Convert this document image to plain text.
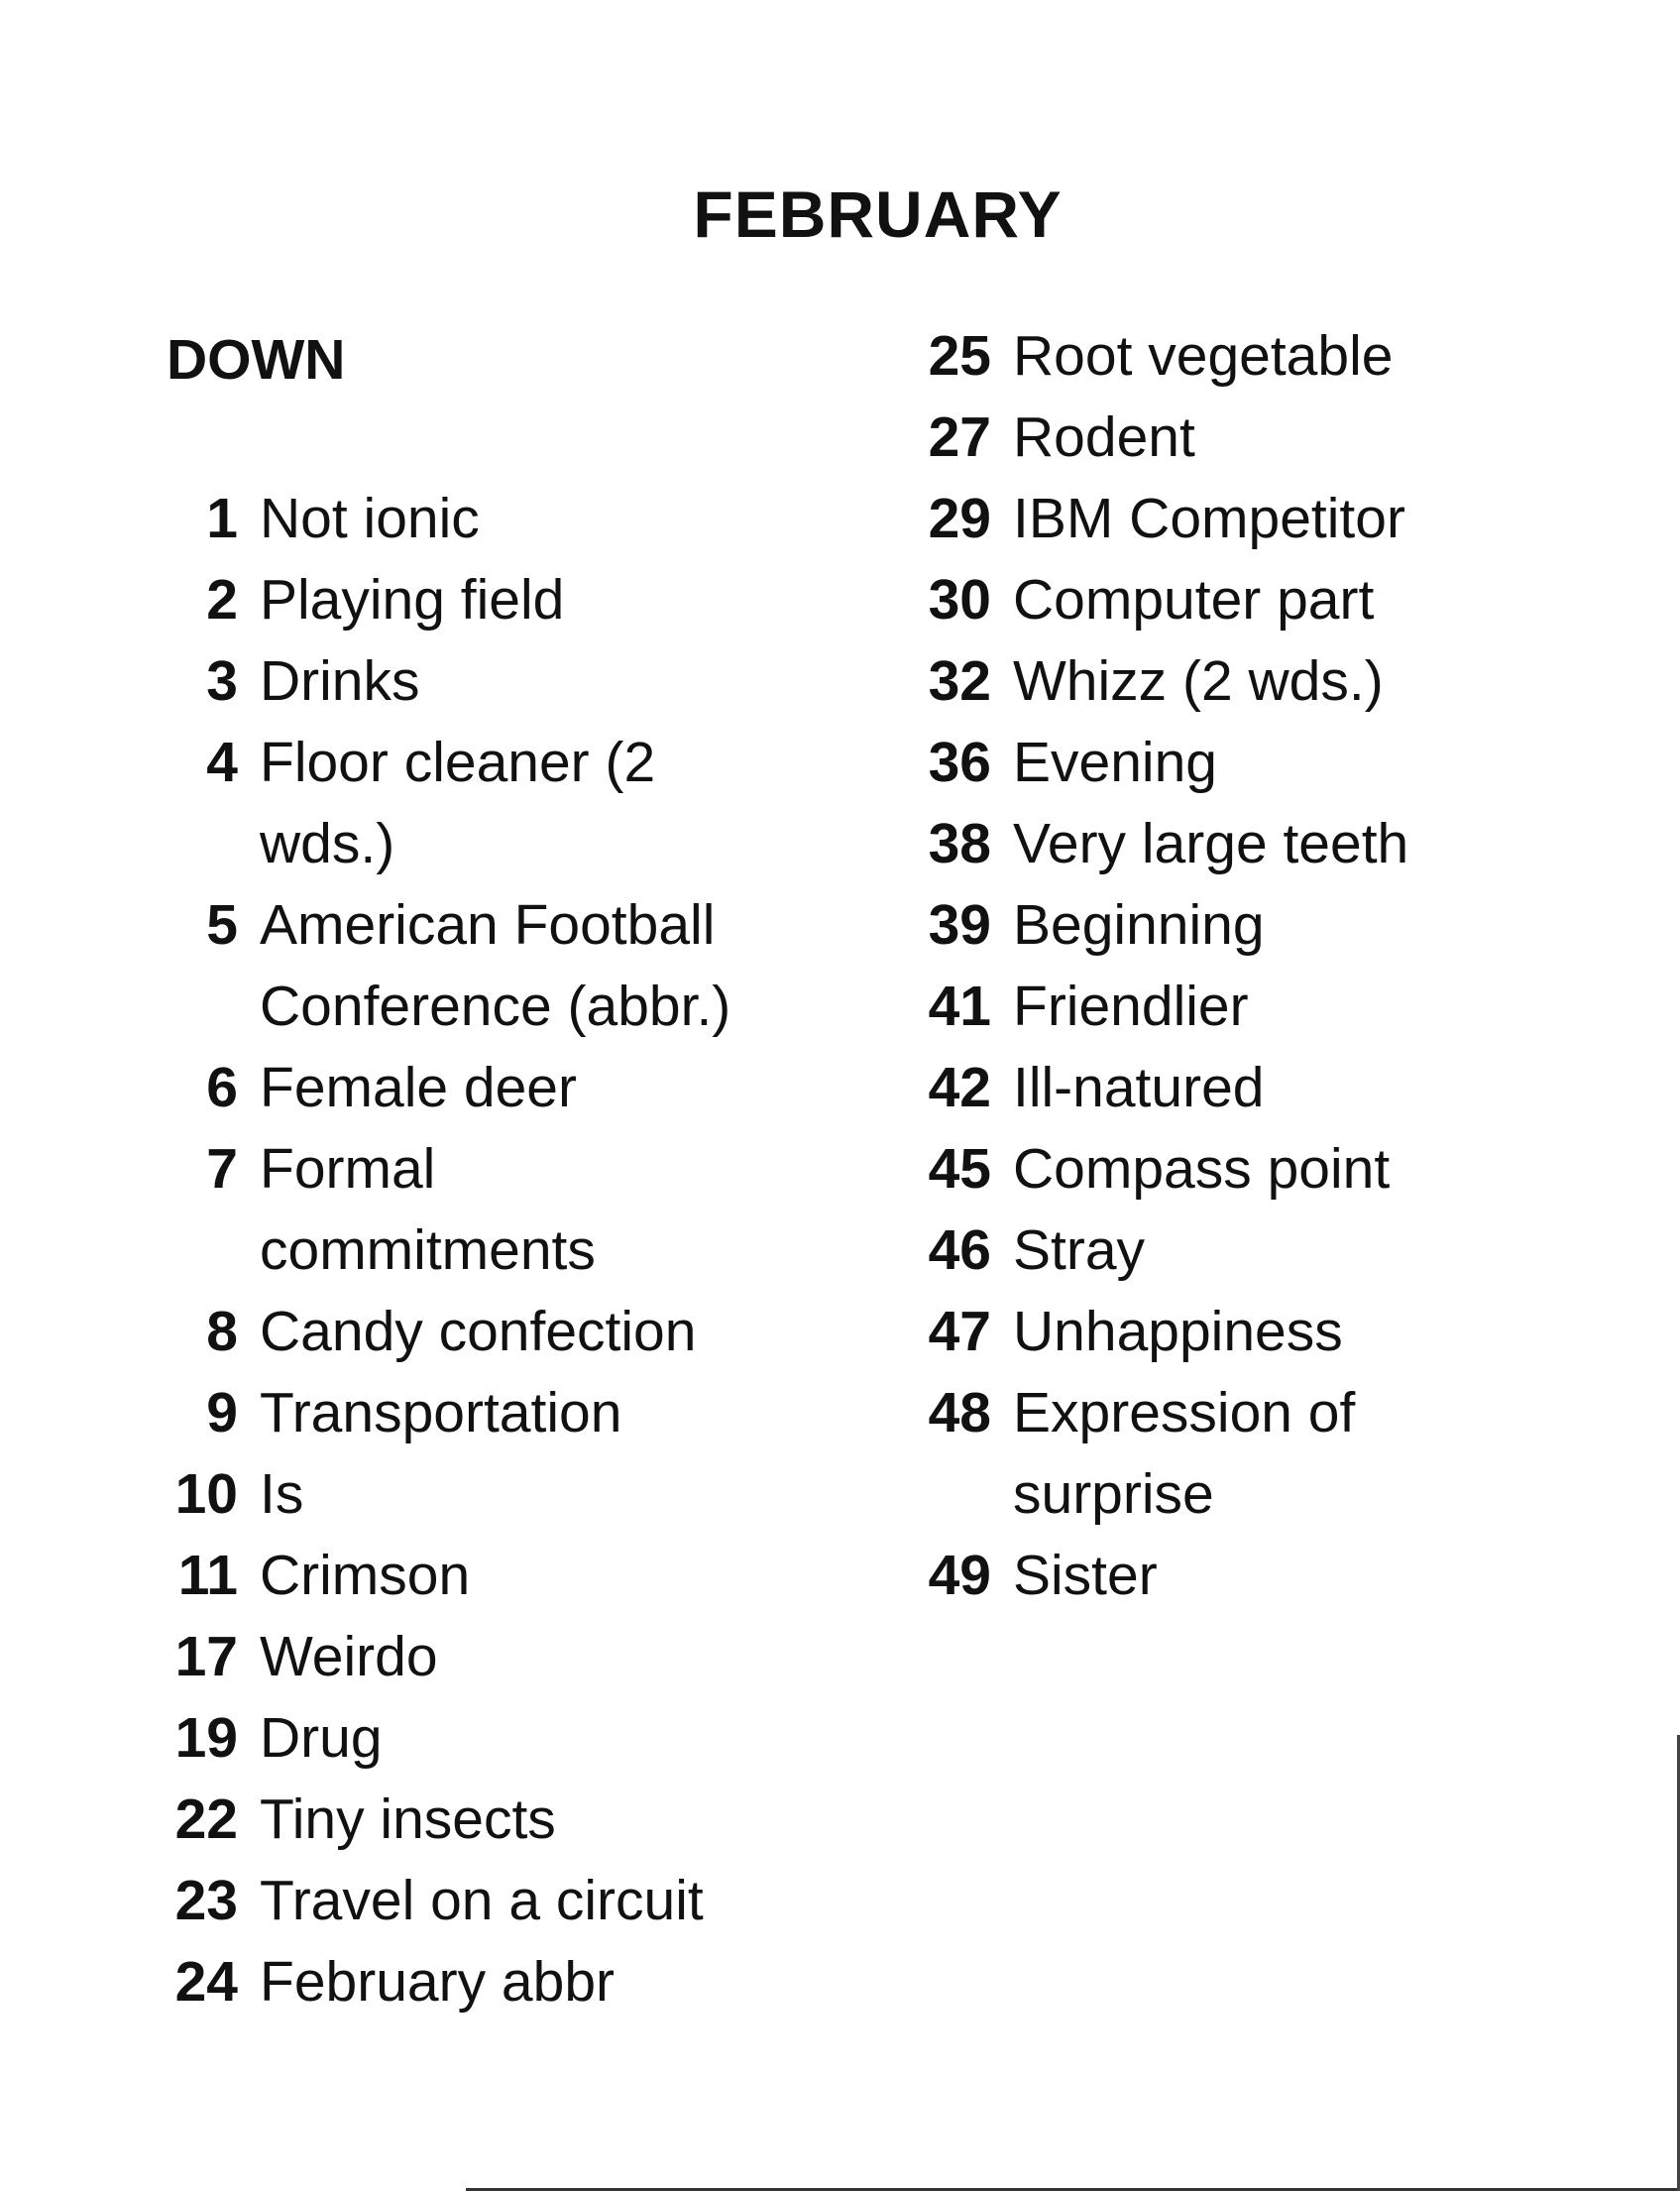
FEBRUARY
DOWN
1 Not ionic
2 Playing field
3 Drinks
4 Floor cleaner (2 wds.)
5 American Football Conference (abbr.)
6 Female deer
7 Formal commitments
8 Candy confection
9 Transportation
10 Is
11 Crimson
17 Weirdo
19 Drug
22 Tiny insects
23 Travel on a circuit
24 February abbr
25 Root vegetable
27 Rodent
29 IBM Competitor
30 Computer part
32 Whizz (2 wds.)
36 Evening
38 Very large teeth
39 Beginning
41 Friendlier
42 Ill-natured
45 Compass point
46 Stray
47 Unhappiness
48 Expression of surprise
49 Sister
